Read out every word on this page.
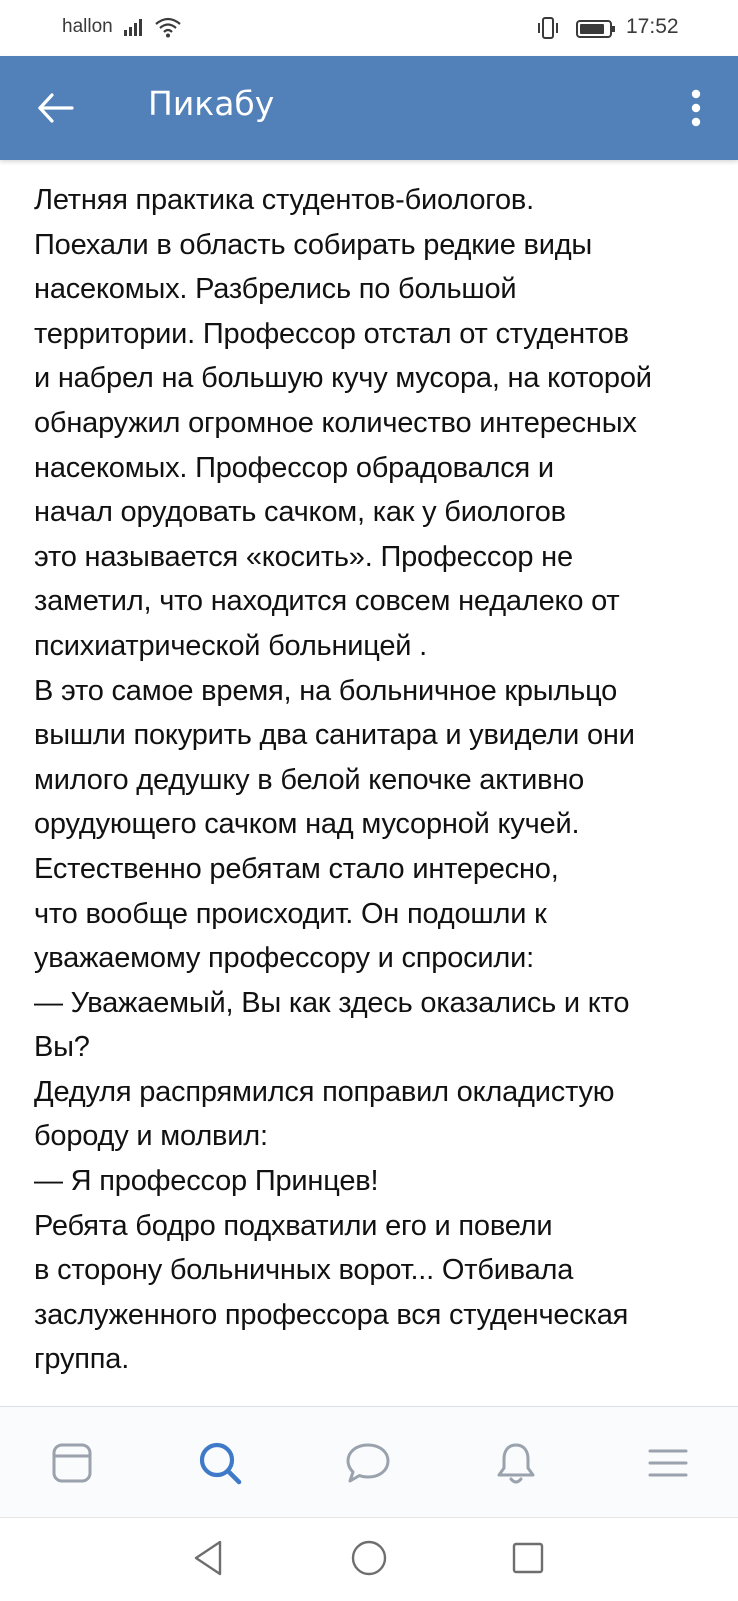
hallon	17:52
Пикабу
Летняя практика студентов-биологов.
Поехали в область собирать редкие виды
насекомых. Разбрелись по большой
территории. Профессор отстал от студентов
и набрел на большую кучу мусора, на которой
обнаружил огромное количество интересных
насекомых. Профессор обрадовался и
начал орудовать сачком, как у биологов
это называется «косить». Профессор не
заметил, что находится совсем недалеко от
психиатрической больницей .
В это самое время, на больничное крыльцо
вышли покурить два санитара и увидели они
милого дедушку в белой кепочке активно
орудующего сачком над мусорной кучей.
Естественно ребятам стало интересно,
что вообще происходит. Он подошли к
уважаемому профессору и спросили:
— Уважаемый, Вы как здесь оказались и кто
Вы?
Дедуля распрямился поправил окладистую
бороду и молвил:
— Я профессор Принцев!
Ребята бодро подхватили его и повели
в сторону больничных ворот... Отбивала
заслуженного профессора вся студенческая
группа.
